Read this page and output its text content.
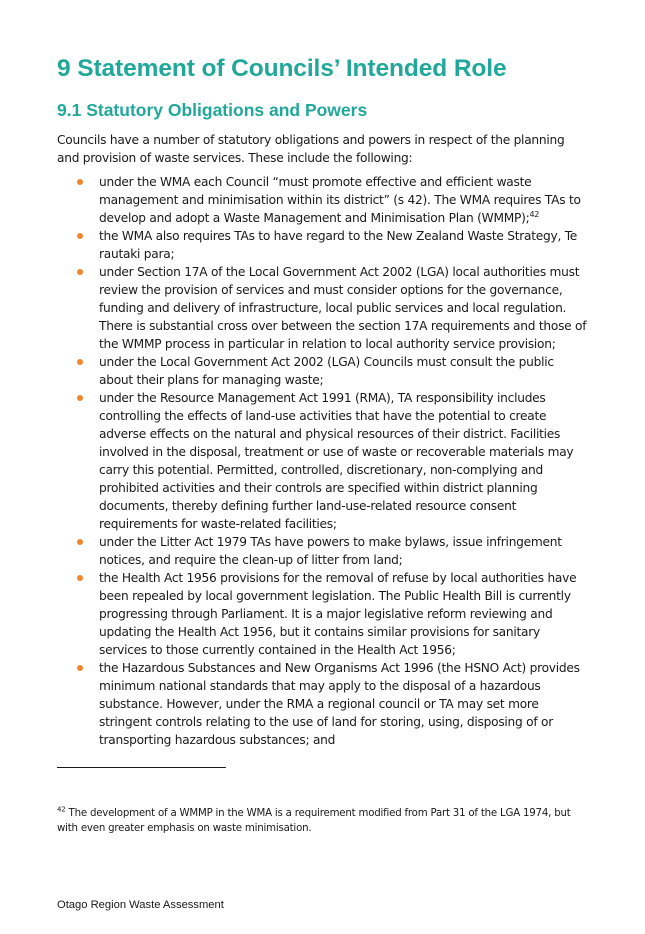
9 Statement of Councils’ Intended Role
9.1 Statutory Obligations and Powers

Councils have a number of statutory obligations and powers in respect of the planning and provision of waste services. These include the following:

under the WMA each Council “must promote effective and efficient waste management and minimisation within its district” (s 42). The WMA requires TAs to develop and adopt a Waste Management and Minimisation Plan (WMMP);$^{42}$
the WMA also requires TAs to have regard to the New Zealand Waste Strategy, Te rautaki para;
under Section 17A of the Local Government Act 2002 (LGA) local authorities must review the provision of services and must consider options for the governance, funding and delivery of infrastructure, local public services and local regulation. There is substantial cross over between the section 17A requirements and those of the WMMP process in particular in relation to local authority service provision;
under the Local Government Act 2002 (LGA) Councils must consult the public about their plans for managing waste;
under the Resource Management Act 1991 (RMA), TA responsibility includes controlling the effects of land-use activities that have the potential to create adverse effects on the natural and physical resources of their district. Facilities involved in the disposal, treatment or use of waste or recoverable materials may carry this potential. Permitted, controlled, discretionary, non-complying and prohibited activities and their controls are specified within district planning documents, thereby defining further land-use-related resource consent requirements for waste-related facilities;
under the Litter Act 1979 TAs have powers to make bylaws, issue infringement notices, and require the clean-up of litter from land;
the Health Act 1956 provisions for the removal of refuse by local authorities have been repealed by local government legislation. The Public Health Bill is currently progressing through Parliament. It is a major legislative reform reviewing and updating the Health Act 1956, but it contains similar provisions for sanitary services to those currently contained in the Health Act 1956;
the Hazardous Substances and New Organisms Act 1996 (the HSNO Act) provides minimum national standards that may apply to the disposal of a hazardous substance. However, under the RMA a regional council or TA may set more stringent controls relating to the use of land for storing, using, disposing of or transporting hazardous substances; and

$^{42}$ The development of a WMMP in the WMA is a requirement modified from Part 31 of the LGA 1974, but with even greater emphasis on waste minimisation.

Otago Region Waste Assessment
